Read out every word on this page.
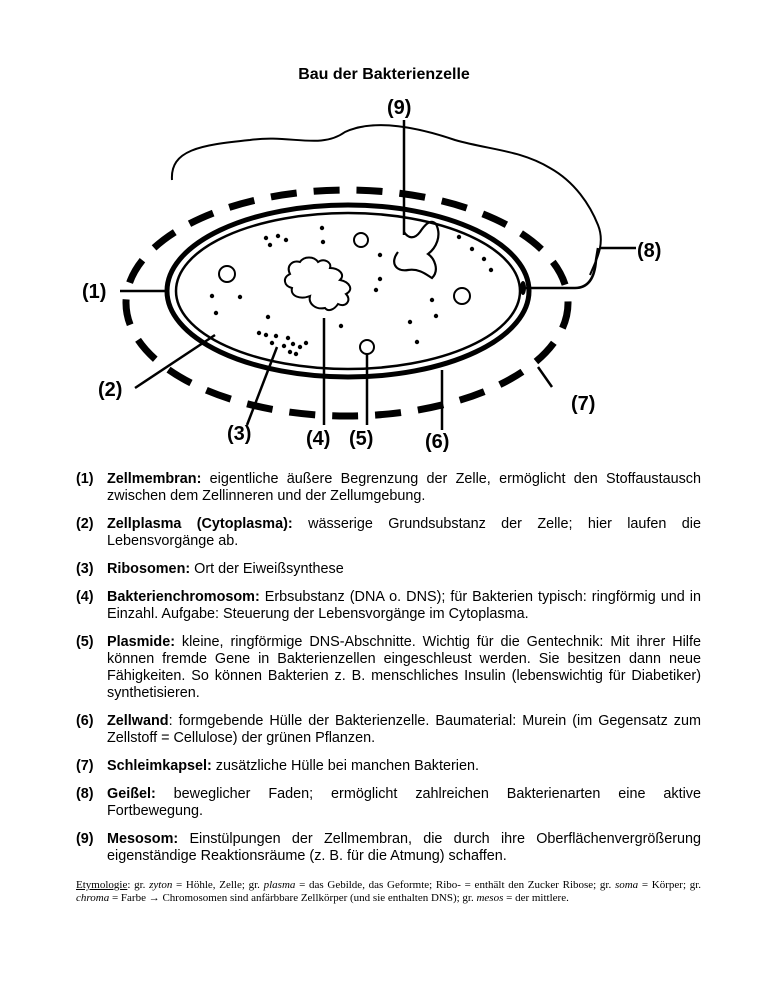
Bau der Bakterienzelle
(9)
(8)
(1)
(2)
(7)
(3)	(4) (5)	(6)
(1) Zellmembran: eigentliche äußere Begrenzung der Zelle, ermöglicht den Stoffaustausch zwischen dem Zellinneren und der Zellumgebung.
(2) Zellplasma (Cytoplasma): wässerige Grundsubstanz der Zelle; hier laufen die Lebensvorgänge ab.
(3) Ribosomen: Ort der Eiweißsynthese
(4) Bakterienchromosom: Erbsubstanz (DNA o. DNS); für Bakterien typisch: ringförmig und in Einzahl. Aufgabe: Steuerung der Lebensvorgänge im Cytoplasma.
(5) Plasmide: kleine, ringförmige DNS-Abschnitte. Wichtig für die Gentechnik: Mit ihrer Hilfe können fremde Gene in Bakterienzellen eingeschleust werden. Sie besitzen dann neue Fähigkeiten. So können Bakterien z. B. menschliches Insulin (lebenswichtig für Diabetiker) synthetisieren.
(6) Zellwand: formgebende Hülle der Bakterienzelle. Baumaterial: Murein (im Gegensatz zum Zellstoff = Cellulose) der grünen Pflanzen.
(7) Schleimkapsel: zusätzliche Hülle bei manchen Bakterien.
(8) Geißel: beweglicher Faden; ermöglicht zahlreichen Bakterienarten eine aktive Fortbewegung.
(9) Mesosom: Einstülpungen der Zellmembran, die durch ihre Oberflächenvergrößerung eigenständige Reaktionsräume (z. B. für die Atmung) schaffen.
Etymologie: gr. zyton = Höhle, Zelle; gr. plasma = das Gebilde, das Geformte; Ribo- = enthält den Zucker Ribose; gr. soma = Körper; gr. chroma = Farbe → Chromosomen sind anfärbbare Zellkörper (und sie enthalten DNS); gr. mesos = der mittlere.
